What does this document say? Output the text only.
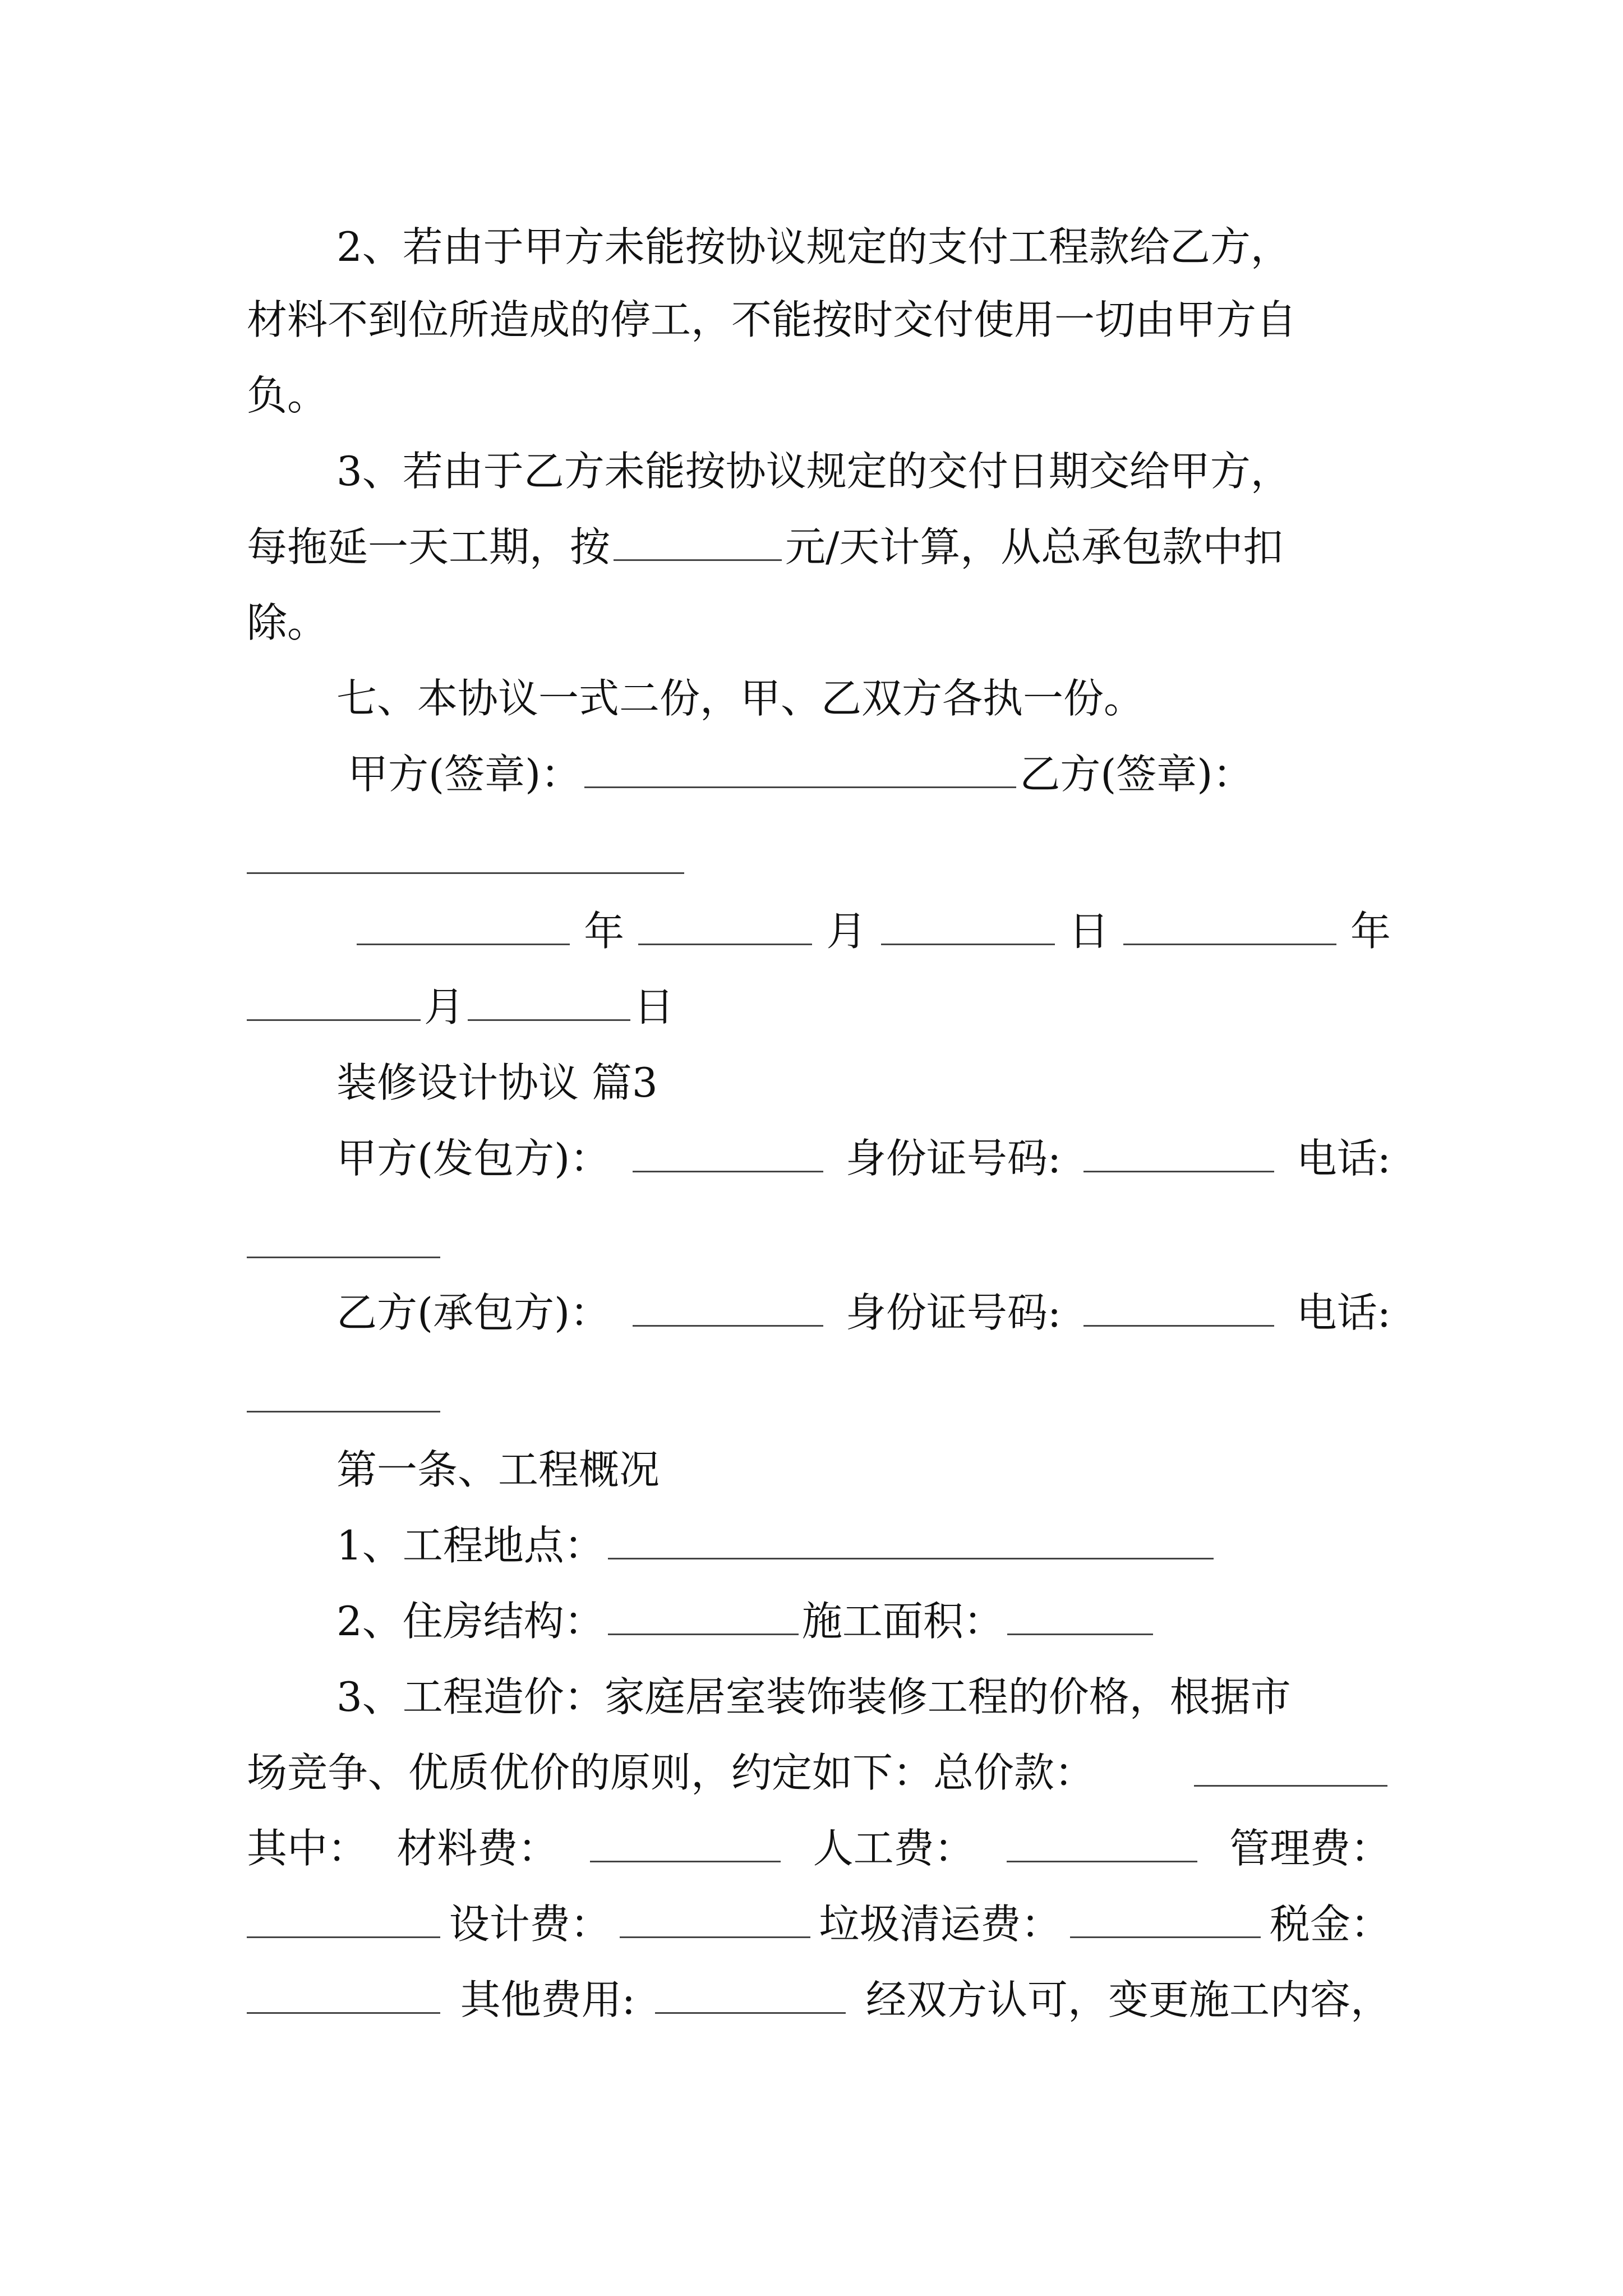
2、若由于甲方未能按协议规定的支付工程款给乙方，
材料不到位所造成的停工，不能按时交付使用一切由甲方自
负。
3、若由于乙方未能按协议规定的交付日期交给甲方，
每拖延一天工期，按	元/天计算，从总承包款中扣
除。
七、本协议一式二份，甲、乙双方各执一份。
甲方(签章)：	乙方(签章)：
年	月	日	年
月	日
装修设计协议 篇3
甲方(发包方)：	身份证号码:	电话:
乙方(承包方)：	身份证号码:	电话:
第一条、工程概况
1、工程地点：
2、住房结构：	施工面积：
3、工程造价：家庭居室装饰装修工程的价格，根据市
场竞争、优质优价的原则，约定如下：总价款：
其中： 材料费：	人工费：	管理费：
设计费：	垃圾清运费：	税金：
其他费用:	经双方认可，变更施工内容，
